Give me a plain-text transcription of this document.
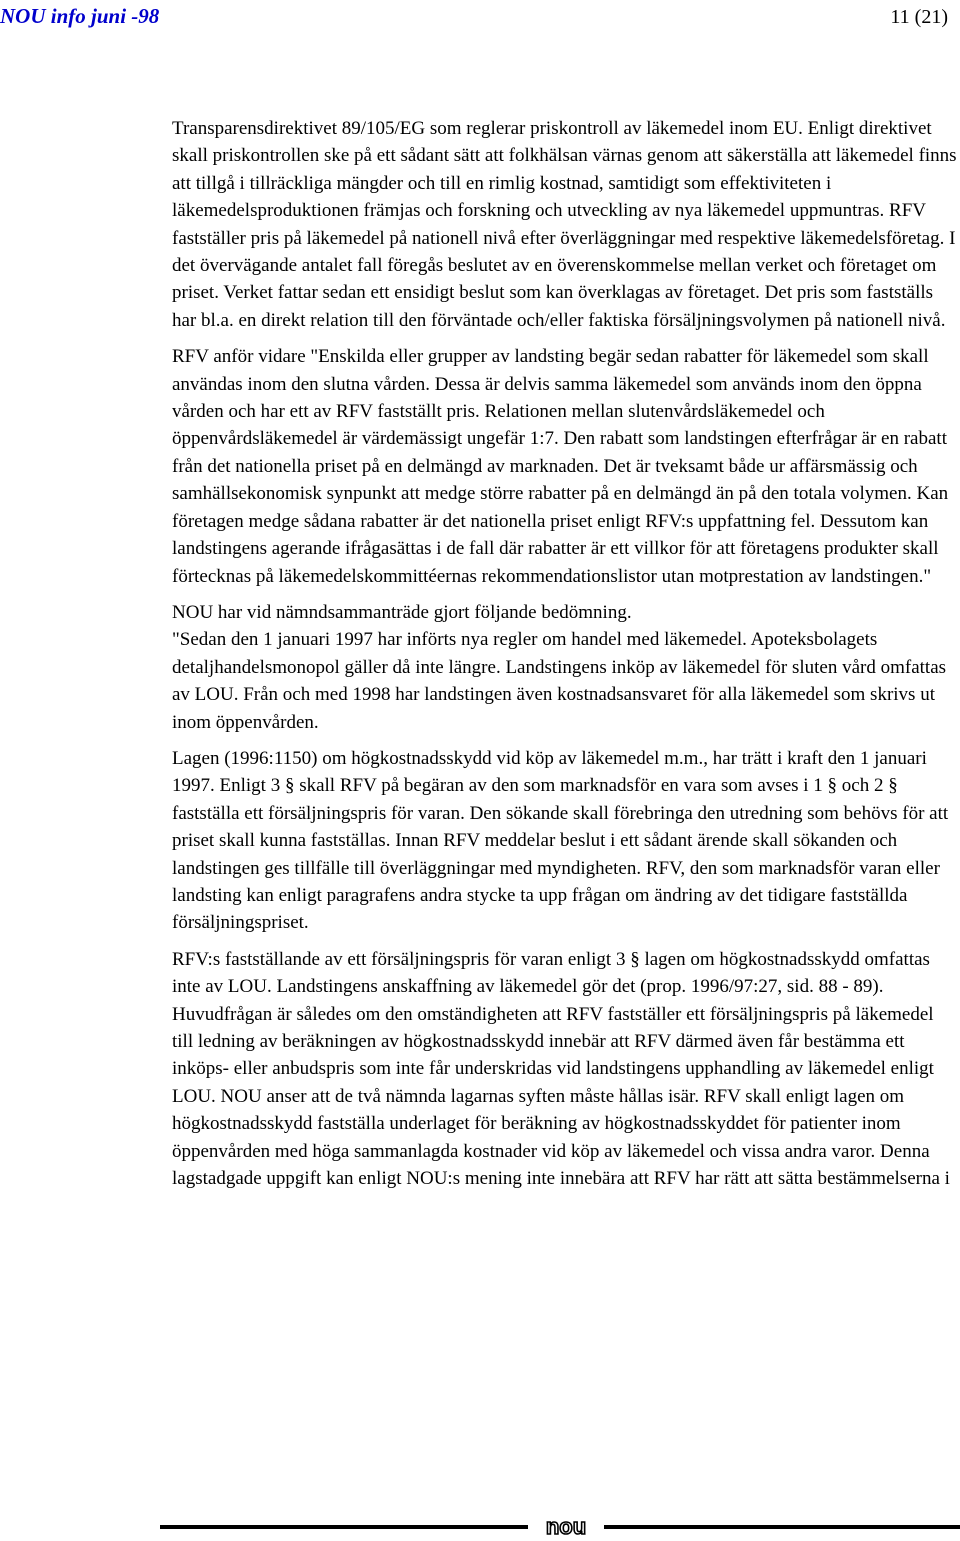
NOU info juni -98	11 (21)

Transparensdirektivet 89/105/EG som reglerar priskontroll av läkemedel inom EU. Enligt direktivet skall priskontrollen ske på ett sådant sätt att folkhälsan värnas genom att säkerställa att läkemedel finns att tillgå i tillräckliga mängder och till en rimlig kostnad, samtidigt som effektiviteten i läkemedelsproduktionen främjas och forskning och utveckling av nya läkemedel uppmuntras. RFV fastställer pris på läkemedel på nationell nivå efter överläggningar med respektive läkemedelsföretag. I det övervägande antalet fall föregås beslutet av en överenskommelse mellan verket och företaget om priset. Verket fattar sedan ett ensidigt beslut som kan överklagas av företaget. Det pris som fastställs har bl.a. en direkt relation till den förväntade och/eller faktiska försäljningsvolymen på nationell nivå.

RFV anför vidare "Enskilda eller grupper av landsting begär sedan rabatter för läkemedel som skall användas inom den slutna vården. Dessa är delvis samma läkemedel som används inom den öppna vården och har ett av RFV fastställt pris. Relationen mellan slutenvårdsläkemedel och öppenvårdsläkemedel är värdemässigt ungefär 1:7. Den rabatt som landstingen efterfrågar är en rabatt från det nationella priset på en delmängd av marknaden. Det är tveksamt både ur affärsmässig och samhällsekonomisk synpunkt att medge större rabatter på en delmängd än på den totala volymen. Kan företagen medge sådana rabatter är det nationella priset enligt RFV:s uppfattning fel. Dessutom kan landstingens agerande ifrågasättas i de fall där rabatter är ett villkor för att företagens produkter skall förtecknas på läkemedelskommittéernas rekommendationslistor utan motprestation av landstingen."

NOU har vid nämndsammanträde gjort följande bedömning.

"Sedan den 1 januari 1997 har införts nya regler om handel med läkemedel. Apoteksbolagets detaljhandelsmonopol gäller då inte längre. Landstingens inköp av läkemedel för sluten vård omfattas av LOU. Från och med 1998 har landstingen även kostnadsansvaret för alla läkemedel som skrivs ut inom öppenvården.

Lagen (1996:1150) om högkostnadsskydd vid köp av läkemedel m.m., har trätt i kraft den 1 januari 1997. Enligt 3 § skall RFV på begäran av den som marknadsför en vara som avses i 1 § och 2 § fastställa ett försäljningspris för varan. Den sökande skall förebringa den utredning som behövs för att priset skall kunna fastställas. Innan RFV meddelar beslut i ett sådant ärende skall sökanden och landstingen ges tillfälle till överläggningar med myndigheten. RFV, den som marknadsför varan eller landsting kan enligt paragrafens andra stycke ta upp frågan om ändring av det tidigare fastställda försäljningspriset.

RFV:s fastställande av ett försäljningspris för varan enligt 3 § lagen om högkostnadsskydd omfattas inte av LOU. Landstingens anskaffning av läkemedel gör det (prop. 1996/97:27, sid. 88 - 89). Huvudfrågan är således om den omständigheten att RFV fastställer ett försäljningspris på läkemedel till ledning av beräkningen av högkostnadsskydd innebär att RFV därmed även får bestämma ett inköps- eller anbudspris som inte får underskridas vid landstingens upphandling av läkemedel enligt LOU. NOU anser att de två nämnda lagarnas syften måste hållas isär. RFV skall enligt lagen om högkostnadsskydd fastställa underlaget för beräkning av högkostnadsskyddet för patienter inom öppenvården med höga sammanlagda kostnader vid köp av läkemedel och vissa andra varor. Denna lagstadgade uppgift kan enligt NOU:s mening inte innebära att RFV har rätt att sätta bestämmelserna i

nou
